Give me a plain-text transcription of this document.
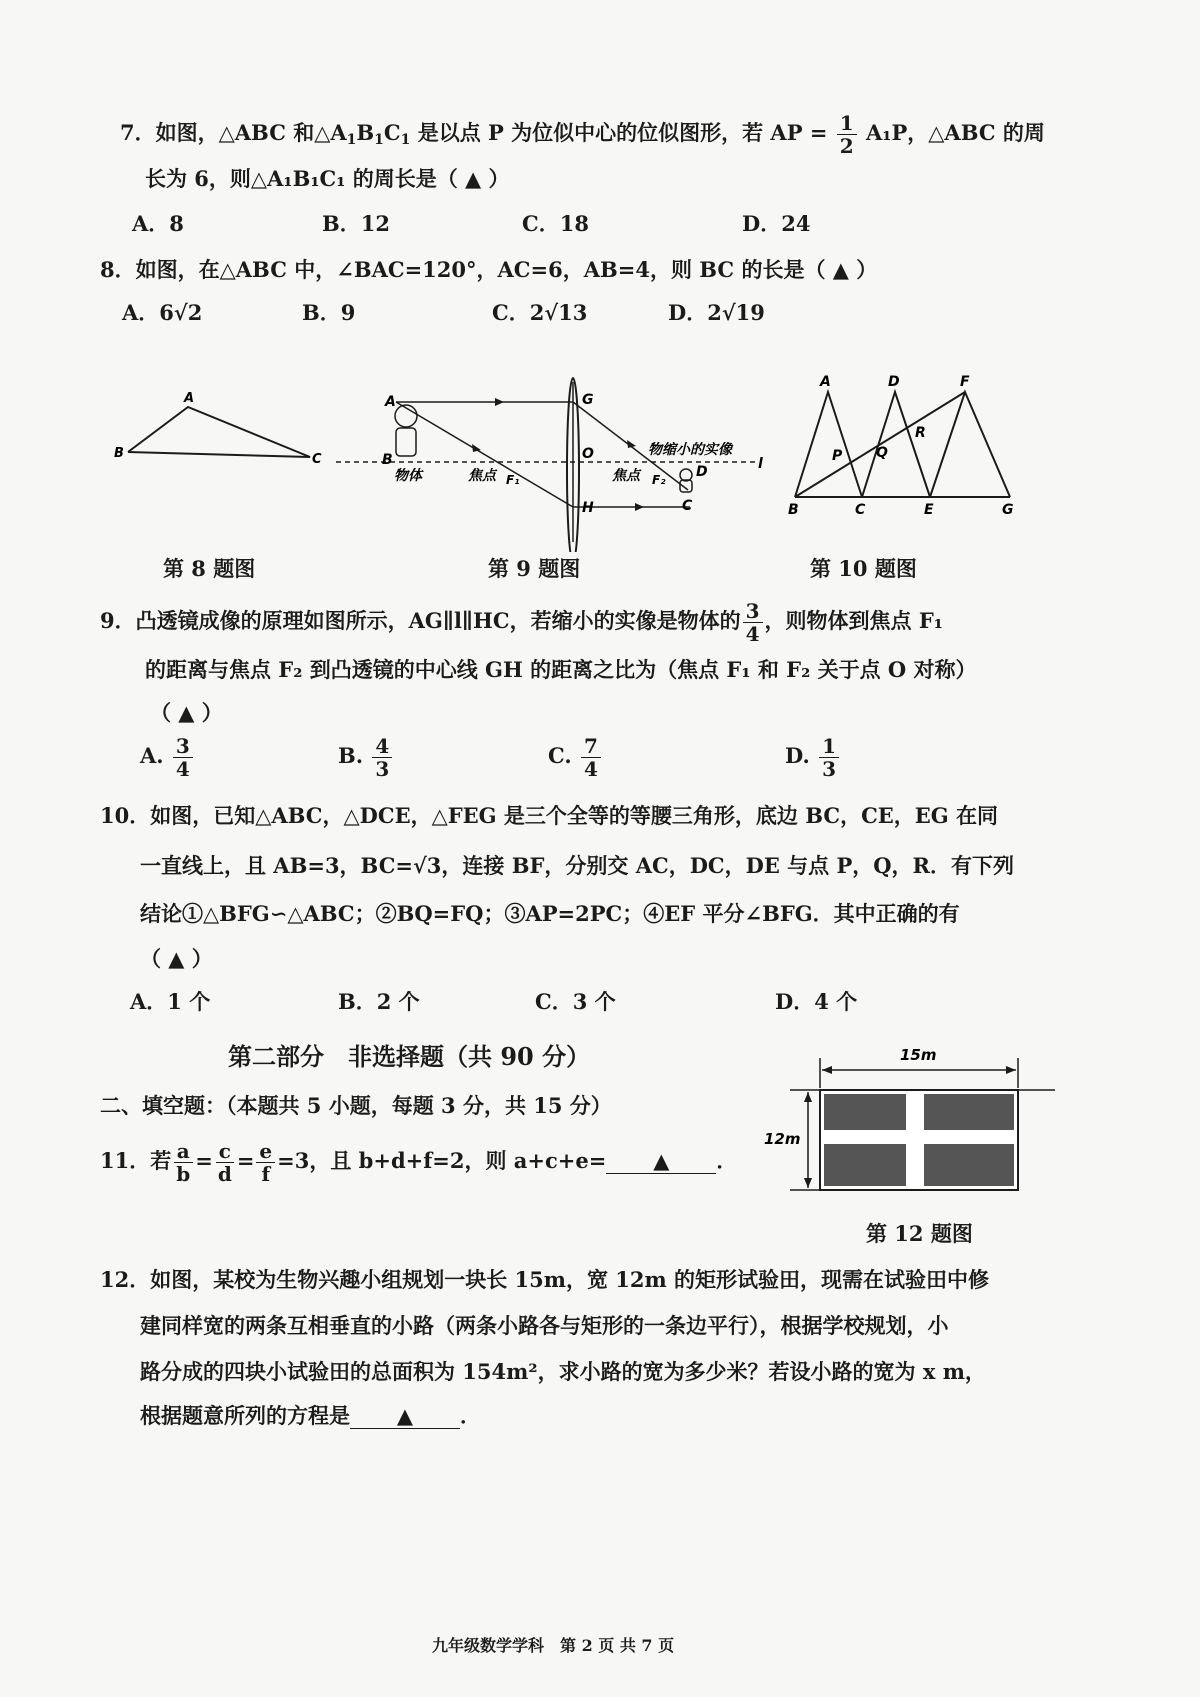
7．如图，△ABC 和△A1B1C1 是以点 P 为位似中心的位似图形，若 AP = $\frac{1}{2} A_1P$，△ABC 的周
长为 6，则△A₁B₁C₁ 的周长是（ ▲ ）
A．8	B．12	C．18	D．24
8．如图，在△ABC 中，∠BAC=120°，AC=6，AB=4，则 BC 的长是（ ▲ ）
A．6√2	B．9	C．2√13	D．2√19
A
B	C
第 8 题图
A
B
G
O
H	C
D	l
物体	焦点 F₁	焦点 F₂
物缩小的实像
第 9 题图
A	D	F
P Q
R
B	C	E	G
第 10 题图
9．凸透镜成像的原理如图所示，AG∥l∥HC，若缩小的实像是物体的 $\frac{3}{4}$ ，则物体到焦点 F₁
的距离与焦点 F₂ 到凸透镜的中心线 GH 的距离之比为（焦点 F₁ 和 F₂ 关于点 O 对称）
（ ▲ ）
A. $\frac{3}{4}$	B. $\frac{4}{3}$	C. $\frac{7}{4}$	D. $\frac{1}{3}$
10．如图，已知△ABC，△DCE，△FEG 是三个全等的等腰三角形，底边 BC，CE，EG 在同
一直线上，且 AB=3，BC=√3，连接 BF，分别交 AC，DC，DE 与点 P，Q，R．有下列
结论①△BFG∽△ABC；②BQ=FQ；③AP=2PC；④EF 平分∠BFG．其中正确的有
（ ▲ ）
A．1 个	B．2 个	C．3 个	D．4 个
第二部分　非选择题（共 90 分）
二、填空题：（本题共 5 小题，每题 3 分，共 15 分）
11．若 $\frac{a}{b} = \frac{c}{d} = \frac{e}{f} =3$，且 b+d+f=2，则 a+c+e= ▲ ．
15m
12m
第 12 题图
12．如图，某校为生物兴趣小组规划一块长 15m，宽 12m 的矩形试验田，现需在试验田中修
建同样宽的两条互相垂直的小路（两条小路各与矩形的一条边平行），根据学校规划，小
路分成的四块小试验田的总面积为 154m²，求小路的宽为多少米？若设小路的宽为 x m，
根据题意所列的方程是 ▲ ．
九年级数学学科　第 2 页 共 7 页
